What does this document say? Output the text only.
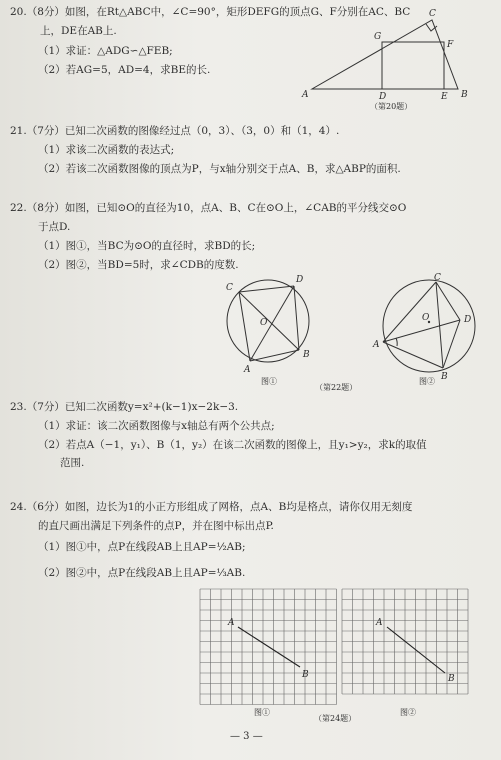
20.（8分）如图，在Rt△ABC中，∠C=90°，矩形DEFG的顶点G、F分别在AC、BC
上，DE在AB上.
（1）求证：△ADG∽△FEB;
（2）若AG=5，AD=4，求BE的长.
A	B
C
D	E
F
G
（第20题）
21.（7分）已知二次函数的图像经过点（0，3）、（3，0）和（1，4）.
（1）求该二次函数的表达式;
（2）若该二次函数图像的顶点为P，与x轴分别交于点A、B，求△ABP的面积.
22.（8分）如图，已知⊙O的直径为10，点A、B、C在⊙O上，∠CAB的平分线交⊙O
于点D.
（1）图①，当BC为⊙O的直径时，求BD的长;
（2）图②，当BD=5时，求∠CDB的度数.
C
D
O
B
A
图①
（第22题）
C
D
O
A
B
图②
23.（7分）已知二次函数y=x²+(k−1)x−2k−3.
（1）求证：该二次函数图像与x轴总有两个公共点;
（2）若点A（−1，y₁）、B（1，y₂）在该二次函数的图像上，且y₁>y₂，求k的取值
范围.
24.（6分）如图，边长为1的小正方形组成了网格，点A、B均是格点，请你仅用无刻度
的直尺画出满足下列条件的点P，并在图中标出点P.
（1）图①中，点P在线段AB上且AP=½AB;
（2）图②中，点P在线段AB上且AP=⅓AB.
A
B
A
B
图①
（第24题）
图②
— 3 —
